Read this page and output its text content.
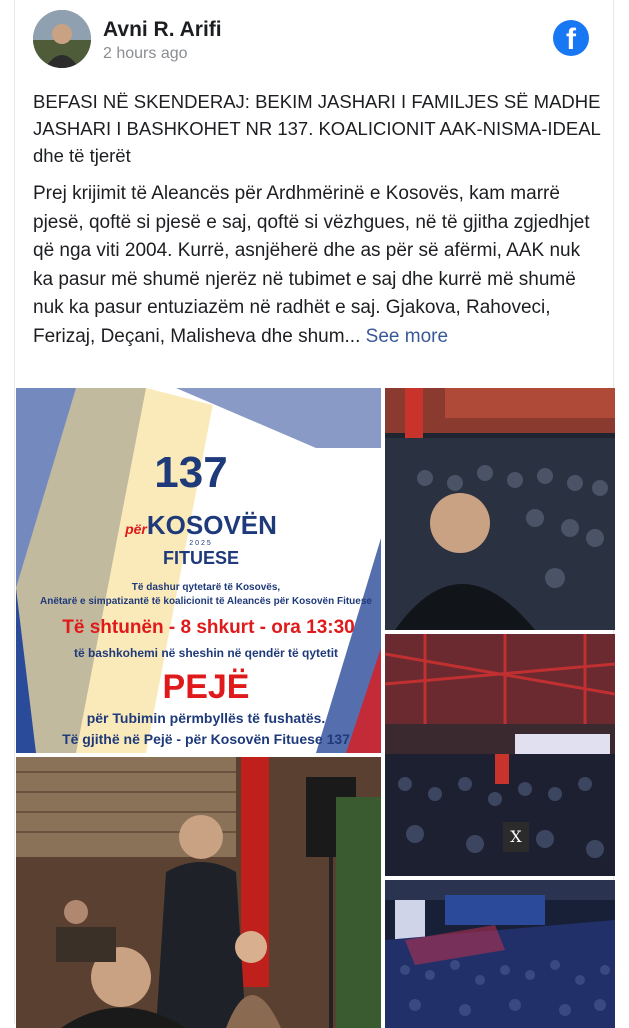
Avni R. Arifi
2 hours ago	f
BEFASI NË SKENDERAJ: BEKIM JASHARI I FAMILJES SË MADHE JASHARI I BASHKOHET NR 137. KOALICIONIT AAK-NISMA-IDEAL dhe të tjerët
Prej krijimit të Aleancës për Ardhmërinë e Kosovës, kam marrë pjesë, qoftë si pjesë e saj, qoftë si vëzhgues, në të gjitha zgjedhjet që nga viti 2004. Kurrë, asnjëherë dhe as për së afërmi, AAK nuk ka pasur më shumë njerëz në tubimet e saj dhe kurrë më shumë nuk ka pasur entuziazëm në radhët e saj. Gjakova, Rahoveci, Ferizaj, Deçani, Malisheva dhe shum... See more
137
përKOSOVËN
2025
FITUESE
Të dashur qytetarë të Kosovës,
Anëtarë e simpatizantë të koalicionit të Aleancës për Kosovën Fituese
Të shtunën - 8 shkurt - ora 13:30
të bashkohemi në sheshin në qendër të qytetit
PEJË
për Tubimin përmbyllës të fushatës.
Të gjithë në Pejë - për Kosovën Fituese 137
X
